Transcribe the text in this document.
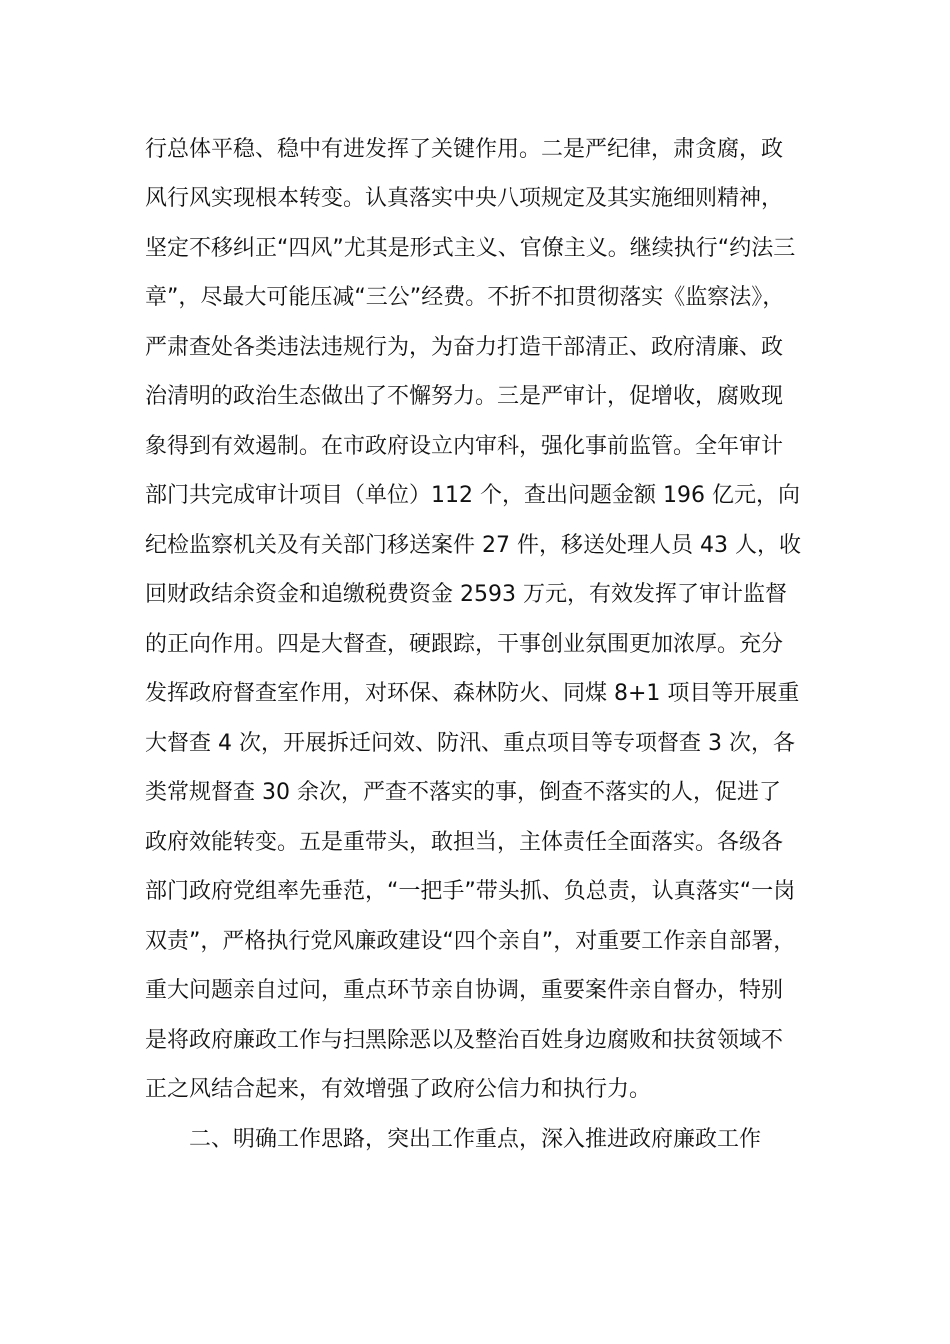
行总体平稳、稳中有进发挥了关键作用。二是严纪律，肃贪腐，政
风行风实现根本转变。认真落实中央八项规定及其实施细则精神，
坚定不移纠正“四风”尤其是形式主义、官僚主义。继续执行“约法三
章”，尽最大可能压减“三公”经费。不折不扣贯彻落实《监察法》，
严肃查处各类违法违规行为，为奋力打造干部清正、政府清廉、政
治清明的政治生态做出了不懈努力。三是严审计，促增收，腐败现
象得到有效遏制。在市政府设立内审科，强化事前监管。全年审计
部门共完成审计项目（单位）112 个，查出问题金额 196 亿元，向
纪检监察机关及有关部门移送案件 27 件，移送处理人员 43 人，收
回财政结余资金和追缴税费资金 2593 万元，有效发挥了审计监督
的正向作用。四是大督查，硬跟踪，干事创业氛围更加浓厚。充分
发挥政府督查室作用，对环保、森林防火、同煤 8+1 项目等开展重
大督查 4 次，开展拆迁问效、防汛、重点项目等专项督查 3 次，各
类常规督查 30 余次，严查不落实的事，倒查不落实的人，促进了
政府效能转变。五是重带头，敢担当，主体责任全面落实。各级各
部门政府党组率先垂范，“一把手”带头抓、负总责，认真落实“一岗
双责”，严格执行党风廉政建设“四个亲自”，对重要工作亲自部署，
重大问题亲自过问，重点环节亲自协调，重要案件亲自督办，特别
是将政府廉政工作与扫黑除恶以及整治百姓身边腐败和扶贫领域不
正之风结合起来，有效增强了政府公信力和执行力。
二、明确工作思路，突出工作重点，深入推进政府廉政工作
